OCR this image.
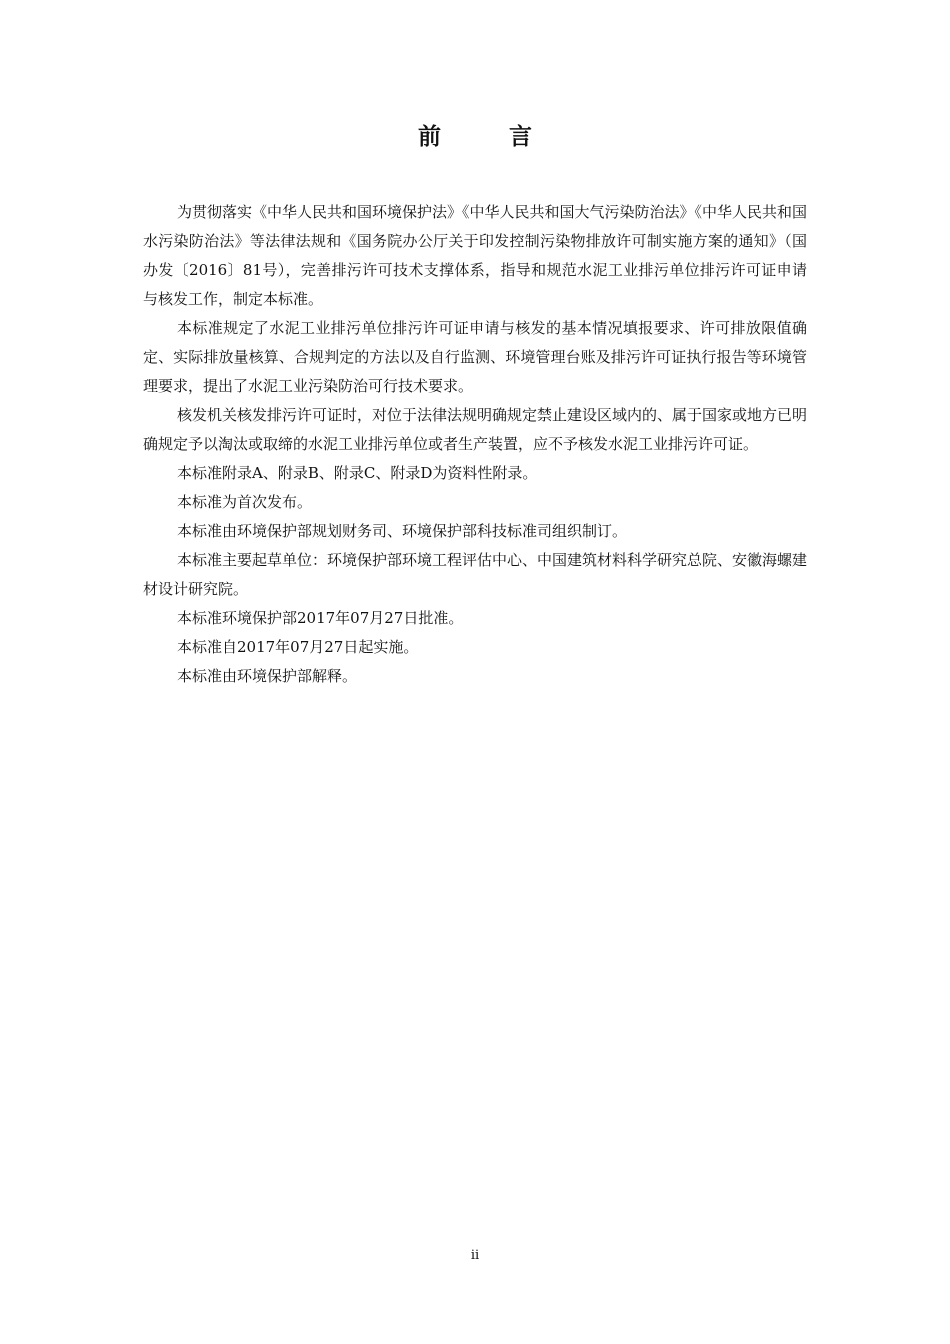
前 言

为贯彻落实《中华人民共和国环境保护法》《中华人民共和国大气污染防治法》《中华人民共和国水污染防治法》等法律法规和《国务院办公厅关于印发控制污染物排放许可制实施方案的通知》（国办发〔2016〕81号），完善排污许可技术支撑体系，指导和规范水泥工业排污单位排污许可证申请与核发工作，制定本标准。

本标准规定了水泥工业排污单位排污许可证申请与核发的基本情况填报要求、许可排放限值确定、实际排放量核算、合规判定的方法以及自行监测、环境管理台账及排污许可证执行报告等环境管理要求，提出了水泥工业污染防治可行技术要求。

核发机关核发排污许可证时，对位于法律法规明确规定禁止建设区域内的、属于国家或地方已明确规定予以淘汰或取缔的水泥工业排污单位或者生产装置，应不予核发水泥工业排污许可证。

本标准附录A、附录B、附录C、附录D为资料性附录。

本标准为首次发布。

本标准由环境保护部规划财务司、环境保护部科技标准司组织制订。

本标准主要起草单位：环境保护部环境工程评估中心、中国建筑材料科学研究总院、安徽海螺建材设计研究院。

本标准环境保护部2017年07月27日批准。

本标准自2017年07月27日起实施。

本标准由环境保护部解释。

ii
